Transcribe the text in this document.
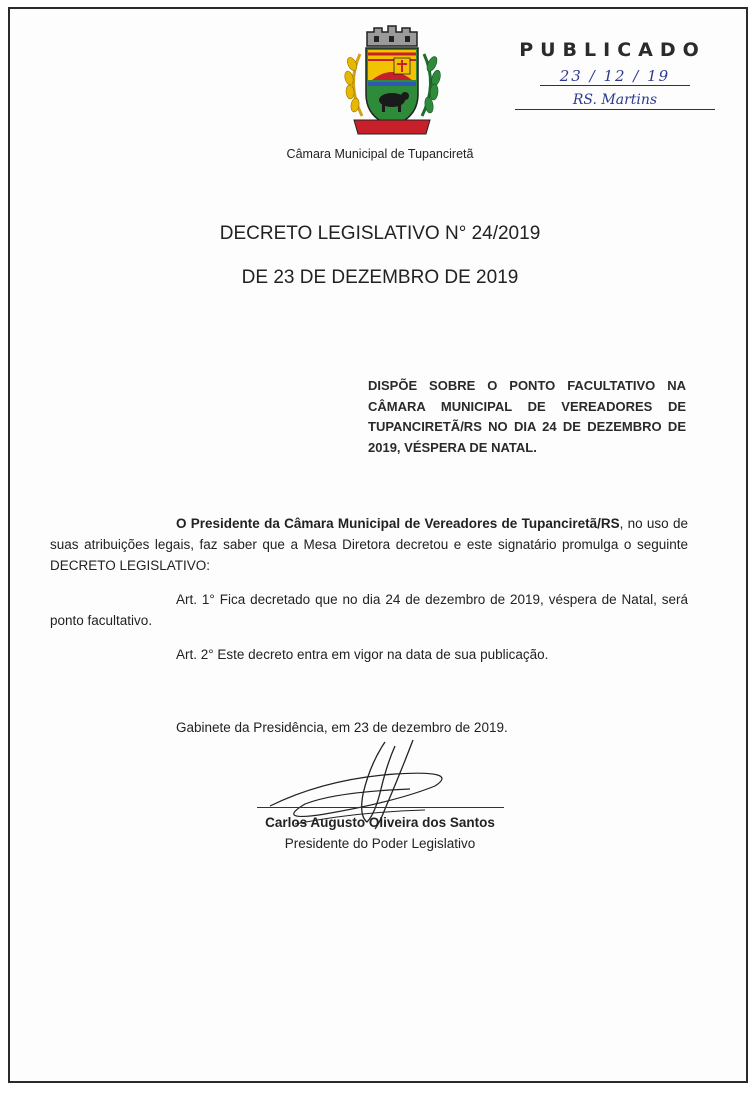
Câmara Municipal de Tupanciretã
PUBLICADO
23 / 12 / 19
RS. Martins
DECRETO LEGISLATIVO N° 24/2019
DE 23 DE DEZEMBRO DE 2019
DISPÕE SOBRE O PONTO FACULTATIVO NA CÂMARA MUNICIPAL DE VEREADORES DE TUPANCIRETÃ/RS NO DIA 24 DE DEZEMBRO DE 2019, VÉSPERA DE NATAL.
O Presidente da Câmara Municipal de Vereadores de Tupanciretã/RS, no uso de suas atribuições legais, faz saber que a Mesa Diretora decretou e este signatário promulga o seguinte DECRETO LEGISLATIVO:
Art. 1° Fica decretado que no dia 24 de dezembro de 2019, véspera de Natal, será ponto facultativo.
Art. 2° Este decreto entra em vigor na data de sua publicação.
Gabinete da Presidência, em 23 de dezembro de 2019.
Carlos Augusto Oliveira dos Santos
Presidente do Poder Legislativo
